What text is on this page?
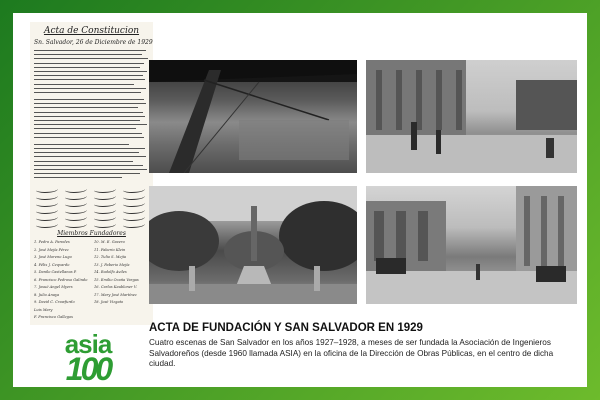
Acta de Constitucion
Sn. Salvador, 26 de Diciembre de 1929
Miembros Fundadores
1. Pedro A. Paredes	10. M. E. Gavero
2. José Mejía Pérez	11. Faberio Klein
3. José Moreno Lugo	12. Tulio S. Mejía
4. Félix J. Ceqvardo	13. J. Faberio Mejía
5. Danilo Castellanos P.	14. Rodolfo Aviles
6. Francisco Pedroso Galindo 15. Emilio Ocaña Vargas
7. Josué Angel Myers	16. Carlos Kaubloner V.
8. Julio Anaya	17. Mary José Martínez
9. David C. Crawfurdo	18. José Vizgato
Luis Mary
F. Francisco Gallegos
ACTA DE FUNDACIÓN Y SAN SALVADOR EN 1929
Cuatro escenas de San Salvador en los años 1927–1928, a meses de ser fundada la Asociación de Ingenieros Salvadoreños (desde 1960 llamada ASIA) en la oficina de la Dirección de Obras Públicas, en el centro de dicha ciudad.
asia
100
